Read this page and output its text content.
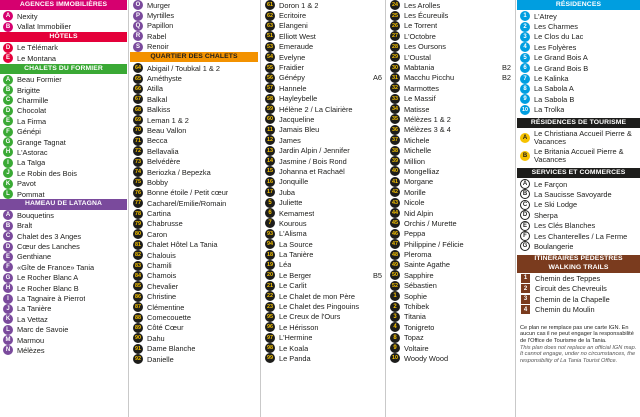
AGENCES IMMOBILIÈRES
A Nexity
B Vallat Immobilier
HÔTELS
D Le Télémark
E Le Montana
CHALETS DU FORMIER
A Beau Formier
B Brigitte
C Charmille
D Chocolat
E La Firma
F Génépi
G Grange Tagnat
H L'Astorac
I	La Taïga
J Le Robin des Bois
K Pavot
L Pommat
HAMEAU DE LATAGNA
A Bouquetins
B Bralt
C Chalet des 3 Anges
D Cœur des Lanches
E Genthiane
F «Gîte de France» Tania
G Le Rocher Blanc A
H Le Rocher Blanc B
I	La Tagnaire à Pierrot
J La Tanière
K La Vettaz
L Marc de Savoie
M Marmou
N Mélèzes
O Murger
P Myrtilles
Q Papillon
R Rabel
S Renoir
QUARTIER DES CHALETS
64 Abigail / Toubkal 1 & 2
65 Améthyste
66 Atilla
67 Balkal
68 Balkiss
69 Leman 1 & 2
70 Beau Vallon
71 Becca
72 Bellavalia
73 Belvédère
74 Beriozka / Bepezka
75 Bobby
76 Bonne étoile / Petit cœur
77 Cacharel/Emilie/Romain
78 Cartina
79 Chabrusse
80 Caron
81 Chalet Hôtel La Tania
82 Chalouis
83 Chamili
84 Chamois
85 Chevalier
86 Christine
87 Clémentine
88 Comecouette
89 Côté Cœur
90 Dahu
91 Dame Blanche
92 Danielle
61 Doron 1 & 2
62 Ecritoire
63 Elangeni
51 Elliott West
53 Emeraude
54 Evelyne
55 Fraidier
56 Génépy	A6
57 Hannele
58 Hayleybelle
59 Hélène 2 / La Clairière
60 Jacqueline
11 Jamais Bleu
12 James
13 Jardin Alpin / Jennifer
14 Jasmine / Bois Rond
15 Johanna et Rachaël
16 Jonquille
17 Juba
5 Juliette
6 Kemamest
7 Kourous
93 L'Alisma
94 La Source
18 La Tanière
19 Léa
20 Le Berger	B5
21 Le Carlit
22 Le Chalet de mon Père
23 Le Chalet des Pingouins
95 Le Creux de l'Ours
96 Le Hérisson
97 L'Hermine
98 Le Koala
99 Le Panda
24 Les Arolles
25 Les Écureuils
26 Le Torrent
27 L'Octobre
28 Les Oursons
29 L'Oustal
30 Mabtania	B2
31 Macchu Picchu	B2
32 Marmottes
33 Le Massif
34 Matisse
35 Mélèzes 1 & 2
36 Mélèzes 3 & 4
37 Michele
38 Michelle
39 Million
40 Mongelliaz
41 Morgane
42 Morille
43 Nicole
44 Nid Alpin
45 Orchis / Murette
46 Peppa
47 Philippine / Félicie
48 Pleroma
49 Sainte Agathe
50 Sapphire
52 Sébastien
1 Sophie
2 Tchibek
3 Titania
4 Tonigreto
8 Topaz
9 Voltaire
10 Woody Wood
RÉSIDENCES
1 L'Atrey
2 Les Charmes
3 Le Clos du Lac
4 Les Folyères
5 Le Grand Bois A
6 Le Grand Bois B
7 Le Kalinka
8 La Sabola A
9 La Sabola B
10 La Trolka
RÉSIDENCES DE TOURISME
A Le Christiana Accueil Pierre & Vacances
B Le Britania Accueil Pierre & Vacances
SERVICES ET COMMERCES
A Le Farçon
B La Saucisse Savoyarde
C Le Ski Lodge
D Sherpa
E Les Clés Blanches
F Les Chanterelles / La Ferme
G Boulangerie
ITINÉRAIRES PÉDESTRES
WALKING TRAILS
1	Chemin des Teppes
2	Circuit des Chevreuils
3	Chemin de la Chapelle
4	Chemin du Moulin
Ce plan ne remplace pas une carte IGN. En aucun cas il ne peut engager la responsabilité de l'Office de Tourisme de la Tania.
This plan does not replace an official IGN map. It cannot engage, under no circumstances, the responsibility of La Tania Tourist Office.
